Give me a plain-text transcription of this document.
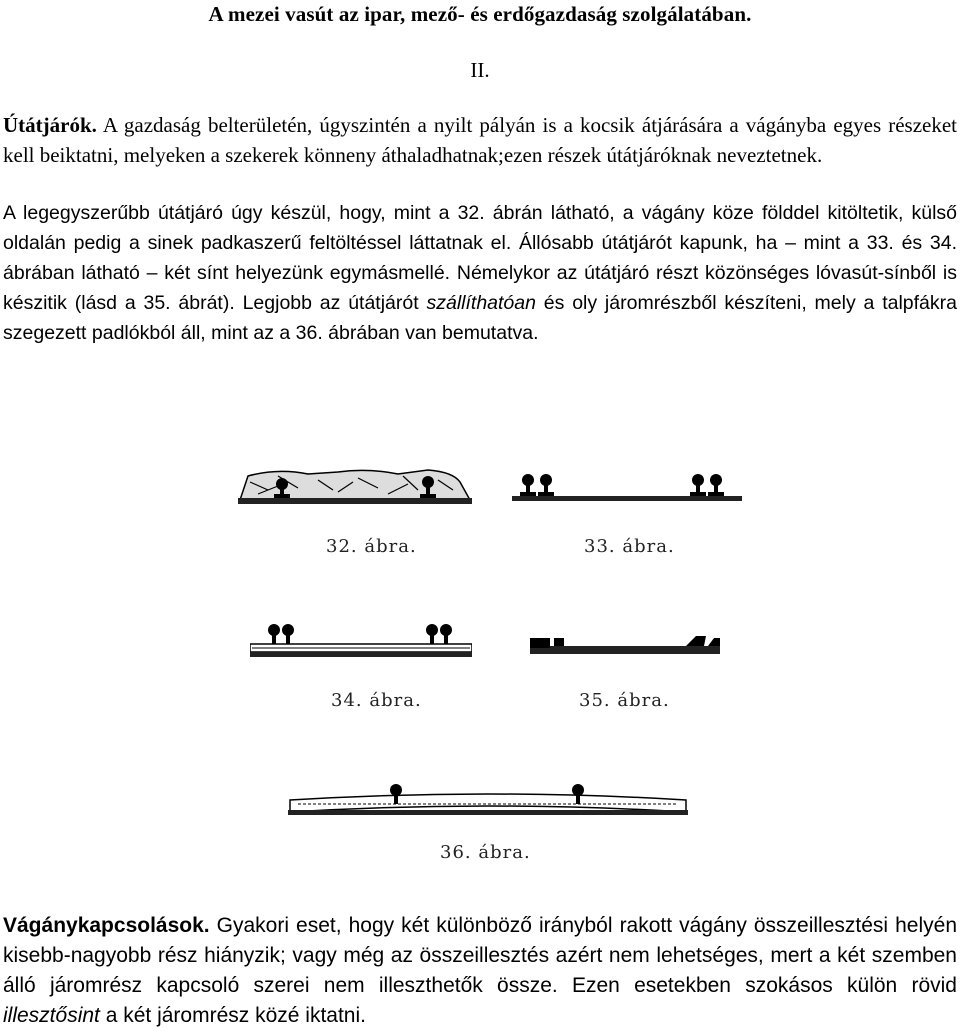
A mezei vasút az ipar, mező- és erdőgazdaság szolgálatában.
II.
Útátjárók. A gazdaság belterületén, úgyszintén a nyilt pályán is a kocsik átjárására a vágányba egyes részeket kell beiktatni, melyeken a szekerek könneny áthaladhatnak;ezen részek útátjáróknak neveztetnek.
A legegyszerűbb útátjáró úgy készül, hogy, mint a 32. ábrán látható, a vágány köze földdel kitöltetik, külső oldalán pedig a sinek padkaszerű feltöltéssel láttatnak el. Állósabb útátjárót kapunk, ha – mint a 33. és 34. ábrában látható – két sínt helyezünk egymásmellé. Némelykor az útátjáró részt közönséges lóvasút-sínből is készitik (lásd a 35. ábrát). Legjobb az útátjárót szállíthatóan és oly járomrészből készíteni, mely a talpfákra szegezett padlókból áll, mint az a 36. ábrában van bemutatva.
32. ábra.	33. ábra.
34. ábra.	35. ábra.
36. ábra.
Vágánykapcsolások. Gyakori eset, hogy két különböző irányból rakott vágány összeillesztési helyén kisebb-nagyobb rész hiányzik; vagy még az összeillesztés azért nem lehetséges, mert a két szemben álló járomrész kapcsoló szerei nem illeszthetők össze. Ezen esetekben szokásos külön rövid illesztősint a két járomrész közé iktatni.
